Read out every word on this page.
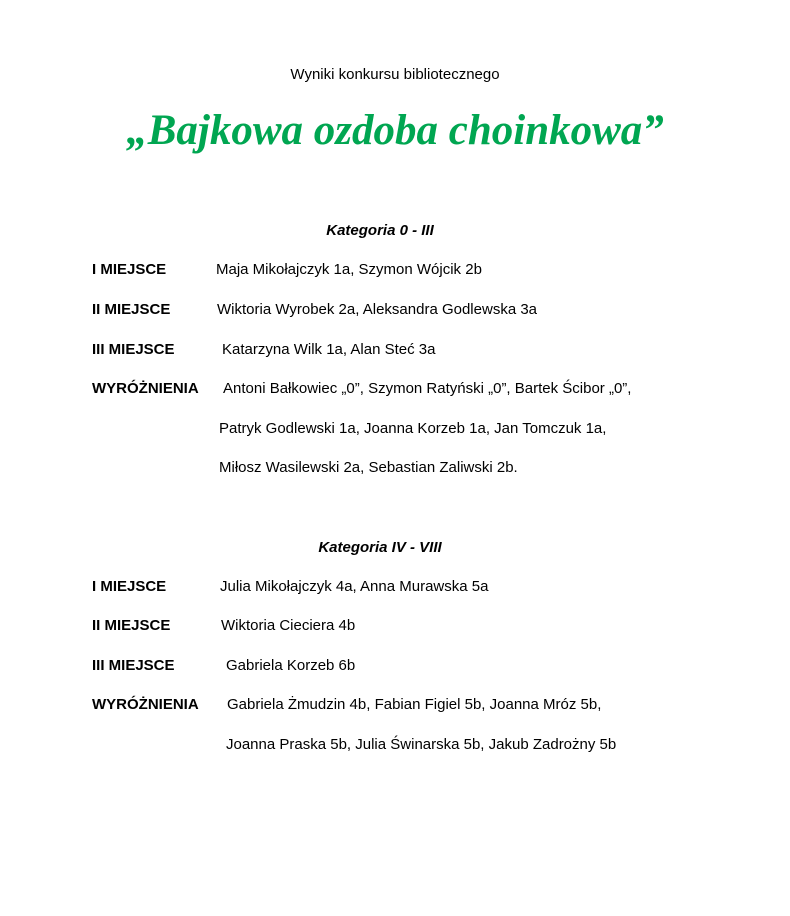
Wyniki konkursu bibliotecznego
„Bajkowa ozdoba choinkowa”
Kategoria 0 - III
I MIEJSCE	Maja Mikołajczyk 1a, Szymon Wójcik 2b
II MIEJSCE	Wiktoria Wyrobek 2a, Aleksandra Godlewska 3a
III MIEJSCE	Katarzyna Wilk 1a, Alan Steć 3a
WYRÓŻNIENIA Antoni Bałkowiec „0”, Szymon Ratyński „0”, Bartek Ścibor „0”,
Patryk Godlewski 1a, Joanna Korzeb 1a, Jan Tomczuk 1a,
Miłosz Wasilewski 2a, Sebastian Zaliwski 2b.
Kategoria IV - VIII
I MIEJSCE	Julia Mikołajczyk 4a, Anna Murawska 5a
II MIEJSCE	Wiktoria Cieciera 4b
III MIEJSCE	Gabriela Korzeb 6b
WYRÓŻNIENIA Gabriela Żmudzin 4b, Fabian Figiel 5b, Joanna Mróz 5b,
Joanna Praska 5b, Julia Świnarska 5b, Jakub Zadrożny 5b
